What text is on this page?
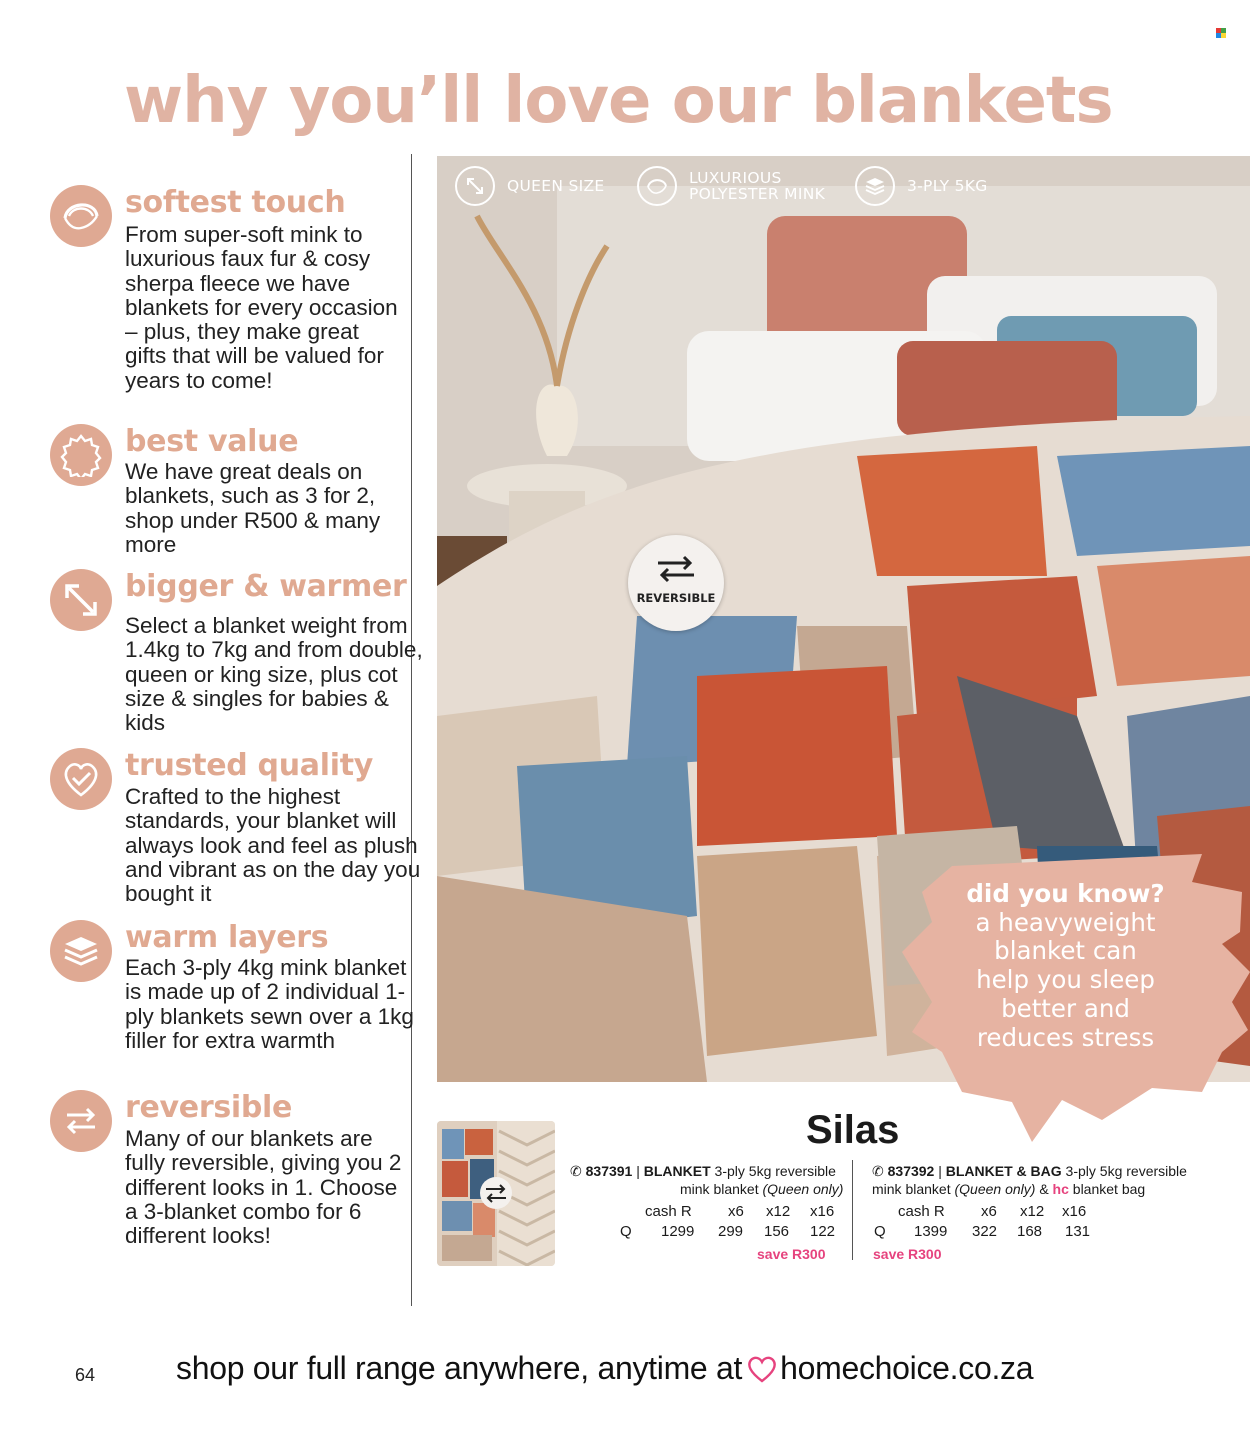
why you’ll love our blankets
softest touch
From super-soft mink to luxurious faux fur & cosy sherpa fleece we have blankets for every occasion – plus, they make great gifts that will be valued for years to come!
best value
We have great deals on blankets, such as 3 for 2, shop under R500 & many more
bigger & warmer
Select a blanket weight from 1.4kg to 7kg and from double, queen or king size, plus cot size & singles for babies & kids
trusted quality
Crafted to the highest standards, your blanket will always look and feel as plush and vibrant as on the day you bought it
warm layers
Each 3-ply 4kg mink blanket is made up of 2 individual 1-ply blankets sewn over a 1kg filler for extra warmth
reversible
Many of our blankets are fully reversible, giving you 2 different looks in 1. Choose a 3-blanket combo for 6 different looks!
QUEEN SIZE	LUXURIOUS
POLYESTER MINK	3-PLY 5KG
REVERSIBLE
did you know?
a heavyweight
blanket can
help you sleep
better and
reduces stress
Silas
✆ 837391 | BLANKET 3-ply 5kg reversible
mink blanket (Queen only)
cash R x6 x12 x16
Q 1299 299 156 122
save R300
✆ 837392 | BLANKET & BAG 3-ply 5kg reversible
mink blanket (Queen only) & hc blanket bag
cash R x6 x12 x16
Q 1399 322 168 131
save R300
64	shop our full range anywhere, anytime at homechoice.co.za
